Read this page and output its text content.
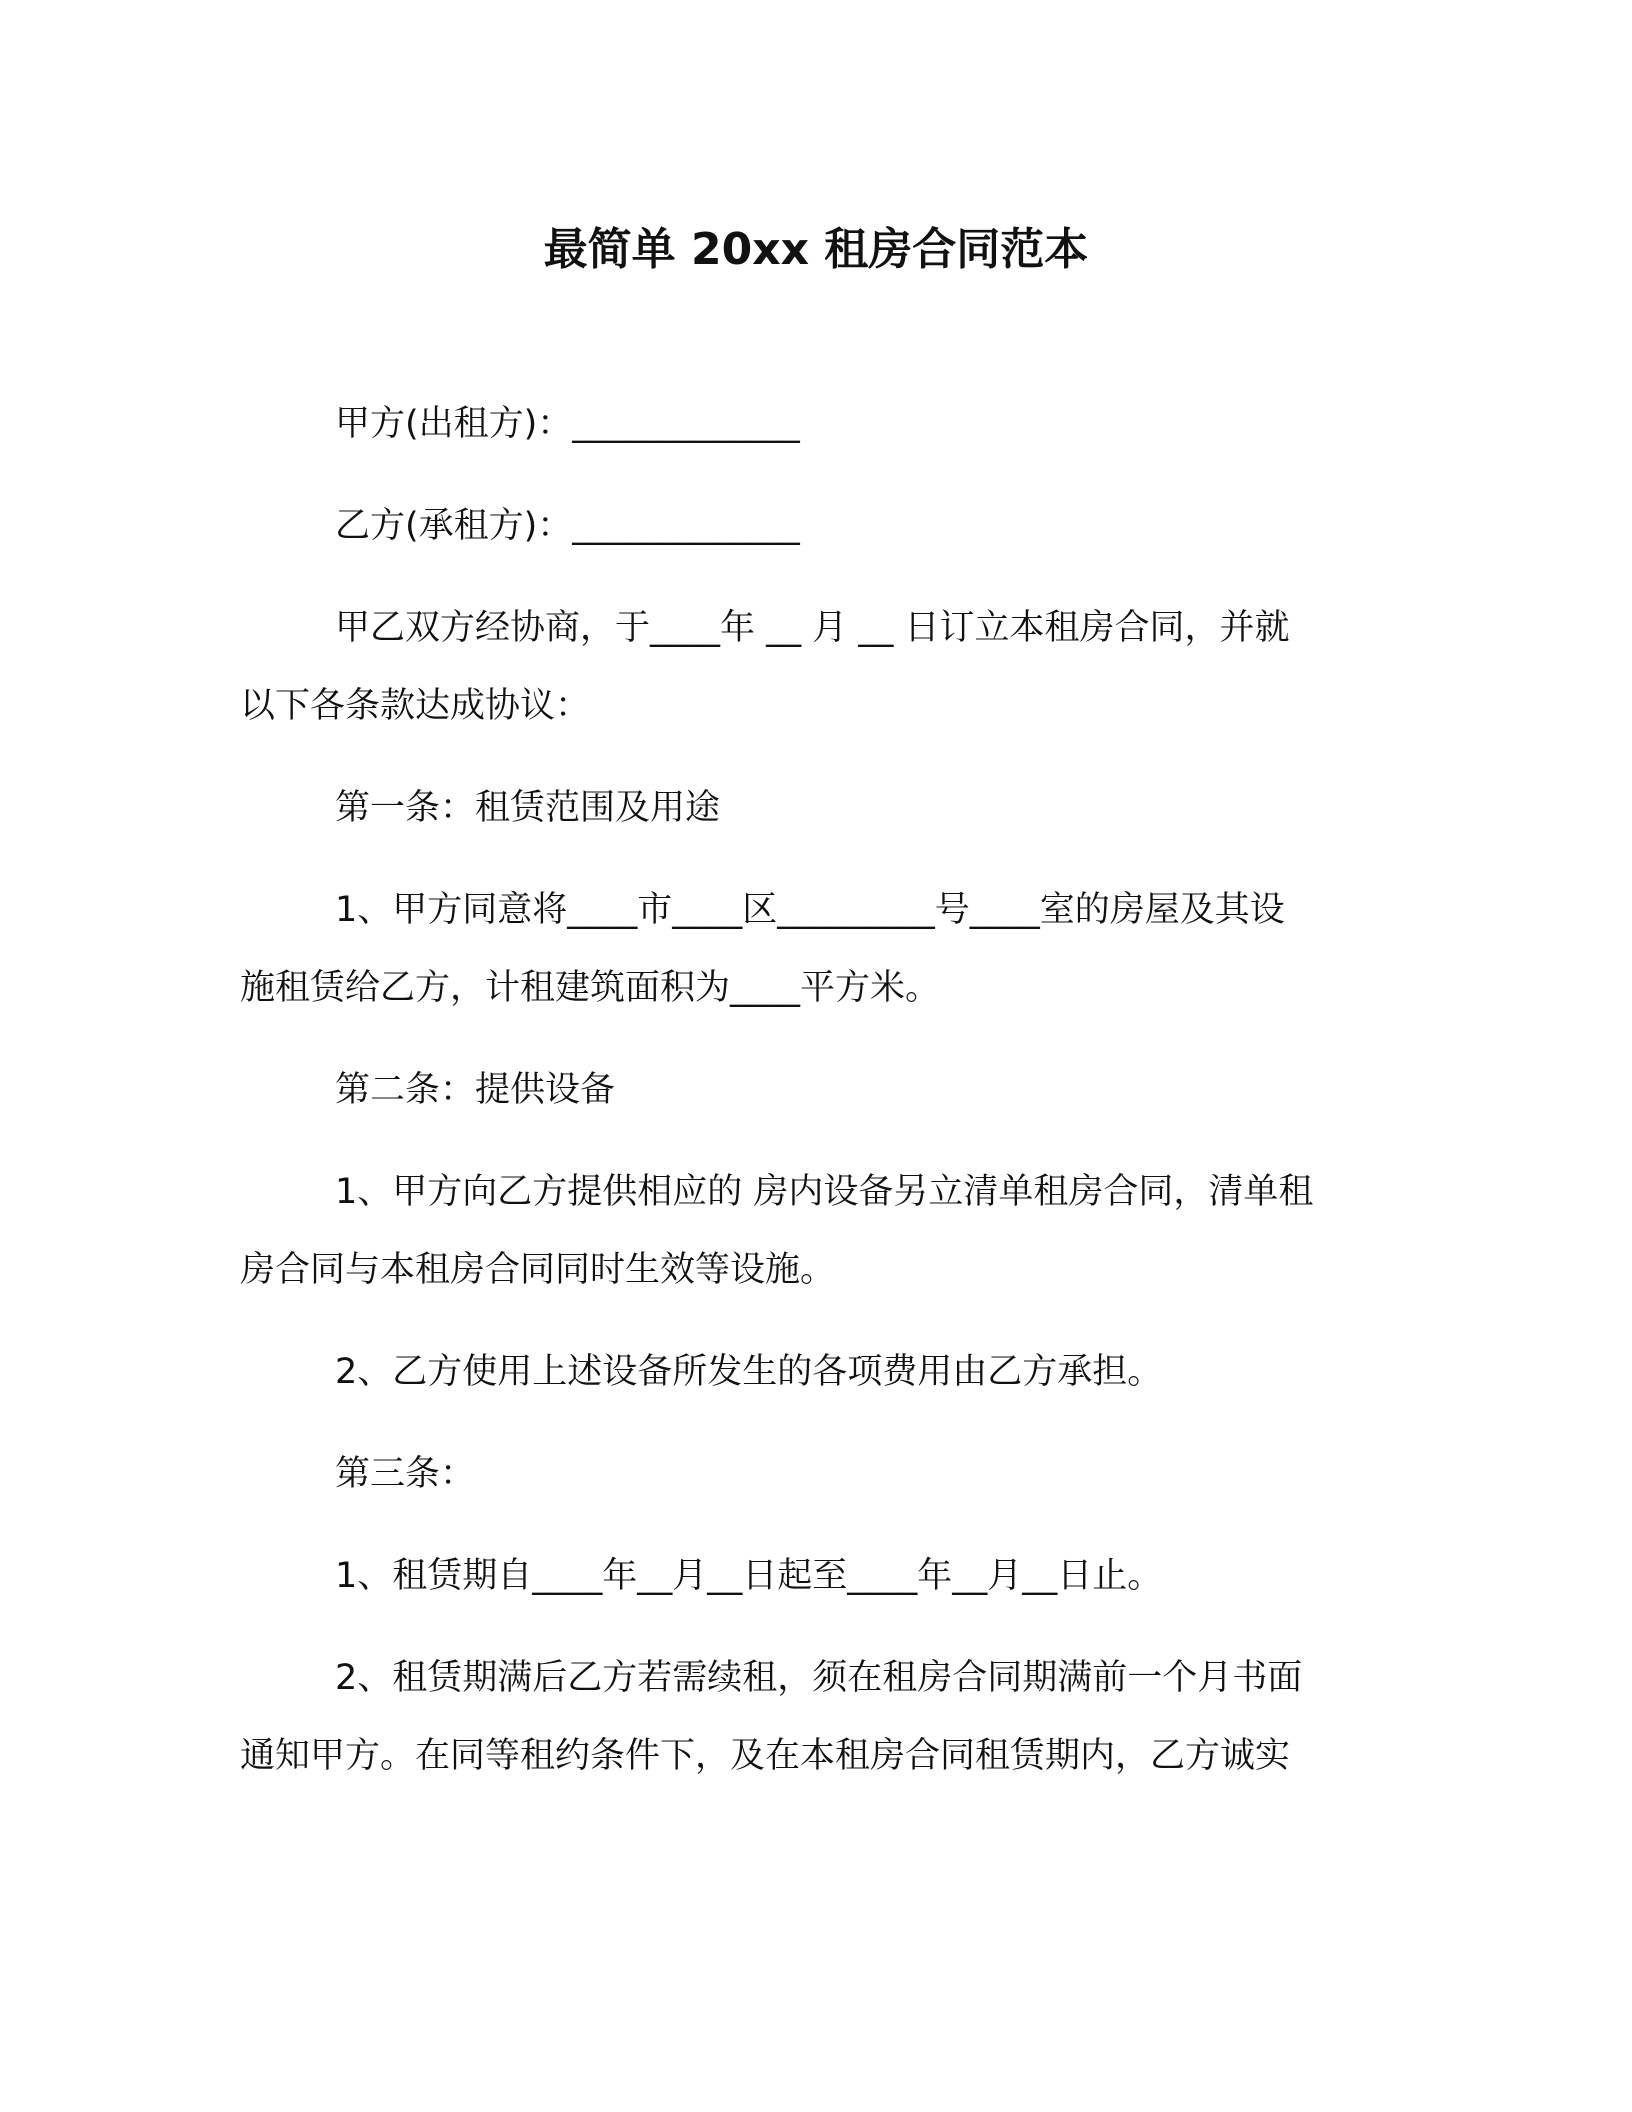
最简单 20xx 租房合同范本

甲方(出租方)：_____________

乙方(承租方)：_____________

甲乙双方经协商，于____年 __ 月 __ 日订立本租房合同，并就

以下各条款达成协议：

第一条：租赁范围及用途

1、甲方同意将____市____区_________号____室的房屋及其设

施租赁给乙方，计租建筑面积为____平方米。

第二条：提供设备

1、甲方向乙方提供相应的 房内设备另立清单租房合同，清单租

房合同与本租房合同同时生效等设施。

2、乙方使用上述设备所发生的各项费用由乙方承担。

第三条：

1、租赁期自____年__月__日起至____年__月__日止。

2、租赁期满后乙方若需续租，须在租房合同期满前一个月书面

通知甲方。在同等租约条件下，及在本租房合同租赁期内，乙方诚实
